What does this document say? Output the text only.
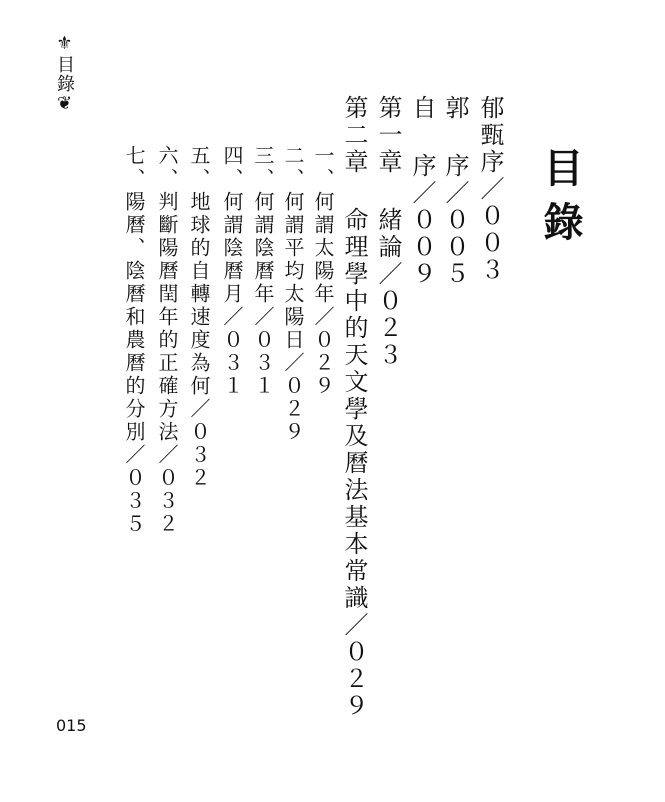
⚜目錄❦
目錄
郁甄序／００３
郭 序／００５
自 序／００９
第一章 緒論／０２３
第二章 命理學中的天文學及曆法基本常識／０２９
一、何謂太陽年／０２９
二、何謂平均太陽日／０２９
三、何謂陰曆年／０３１
四、何謂陰曆月／０３１
五、地球的自轉速度為何／０３２
六、判斷陽曆閏年的正確方法／０３２
七、陽曆、陰曆和農曆的分別／０３５
015
